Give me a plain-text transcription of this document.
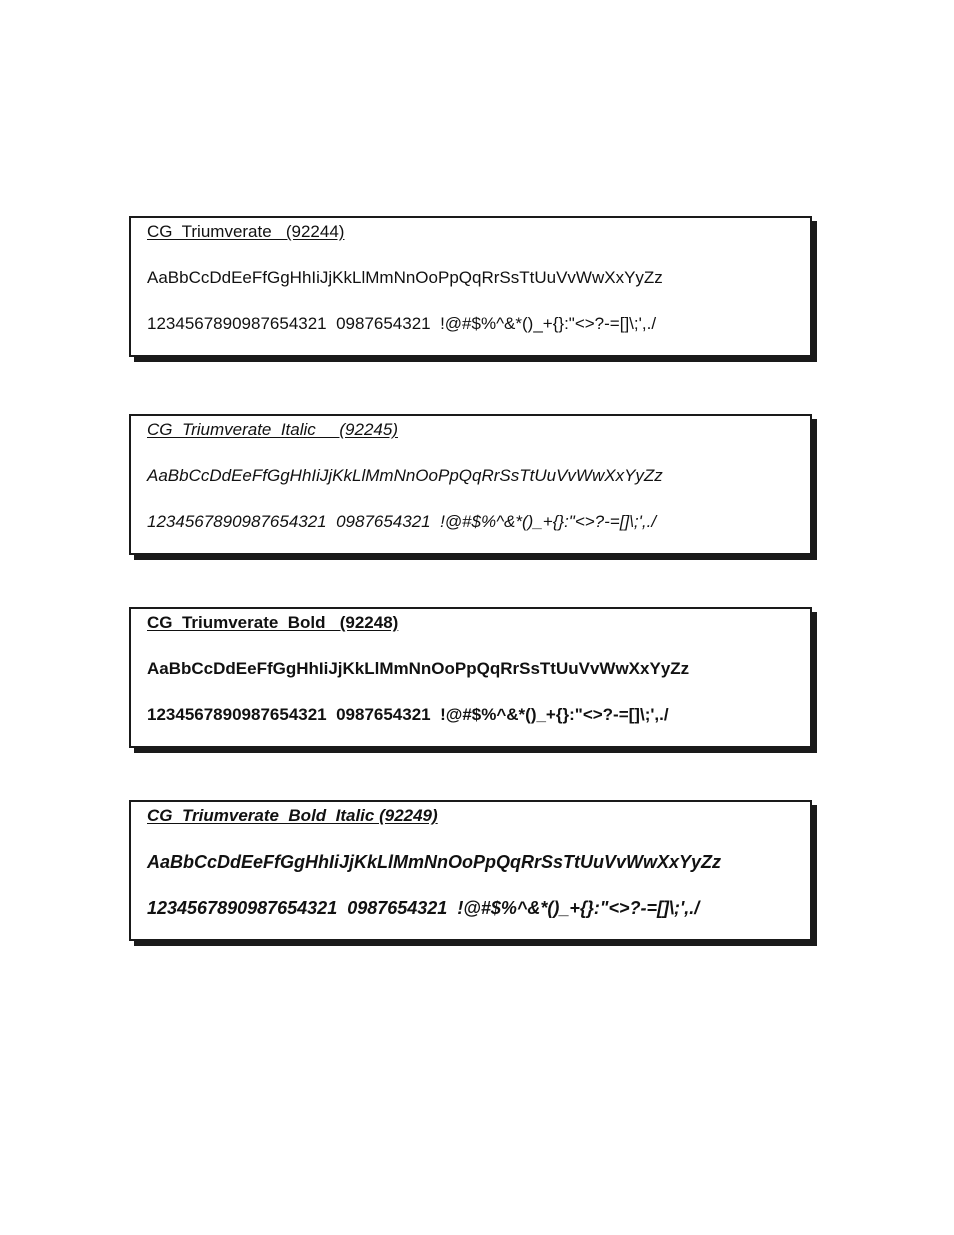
CG  Triumverate   (92244)

AaBbCcDdEeFfGgHhIiJjKkLlMmNnOoPpQqRrSsTtUuVvWwXxYyZz

1234567890987654321  0987654321  !@#$%^&*()_+{}:"<>?-=[]\;',./

CG  Triumverate  Italic     (92245)

AaBbCcDdEeFfGgHhIiJjKkLlMmNnOoPpQqRrSsTtUuVvWwXxYyZz

1234567890987654321  0987654321  !@#$%^&*()_+{}:"<>?-=[]\;',./

CG  Triumverate  Bold   (92248)

AaBbCcDdEeFfGgHhIiJjKkLlMmNnOoPpQqRrSsTtUuVvWwXxYyZz

1234567890987654321  0987654321  !@#$%^&*()_+{}:"<>?-=[]\;',./

CG  Triumverate  Bold  Italic (92249)

AaBbCcDdEeFfGgHhIiJjKkLlMmNnOoPpQqRrSsTtUuVvWwXxYyZz

1234567890987654321  0987654321  !@#$%^&*()_+{}:"<>?-=[]\;',./
